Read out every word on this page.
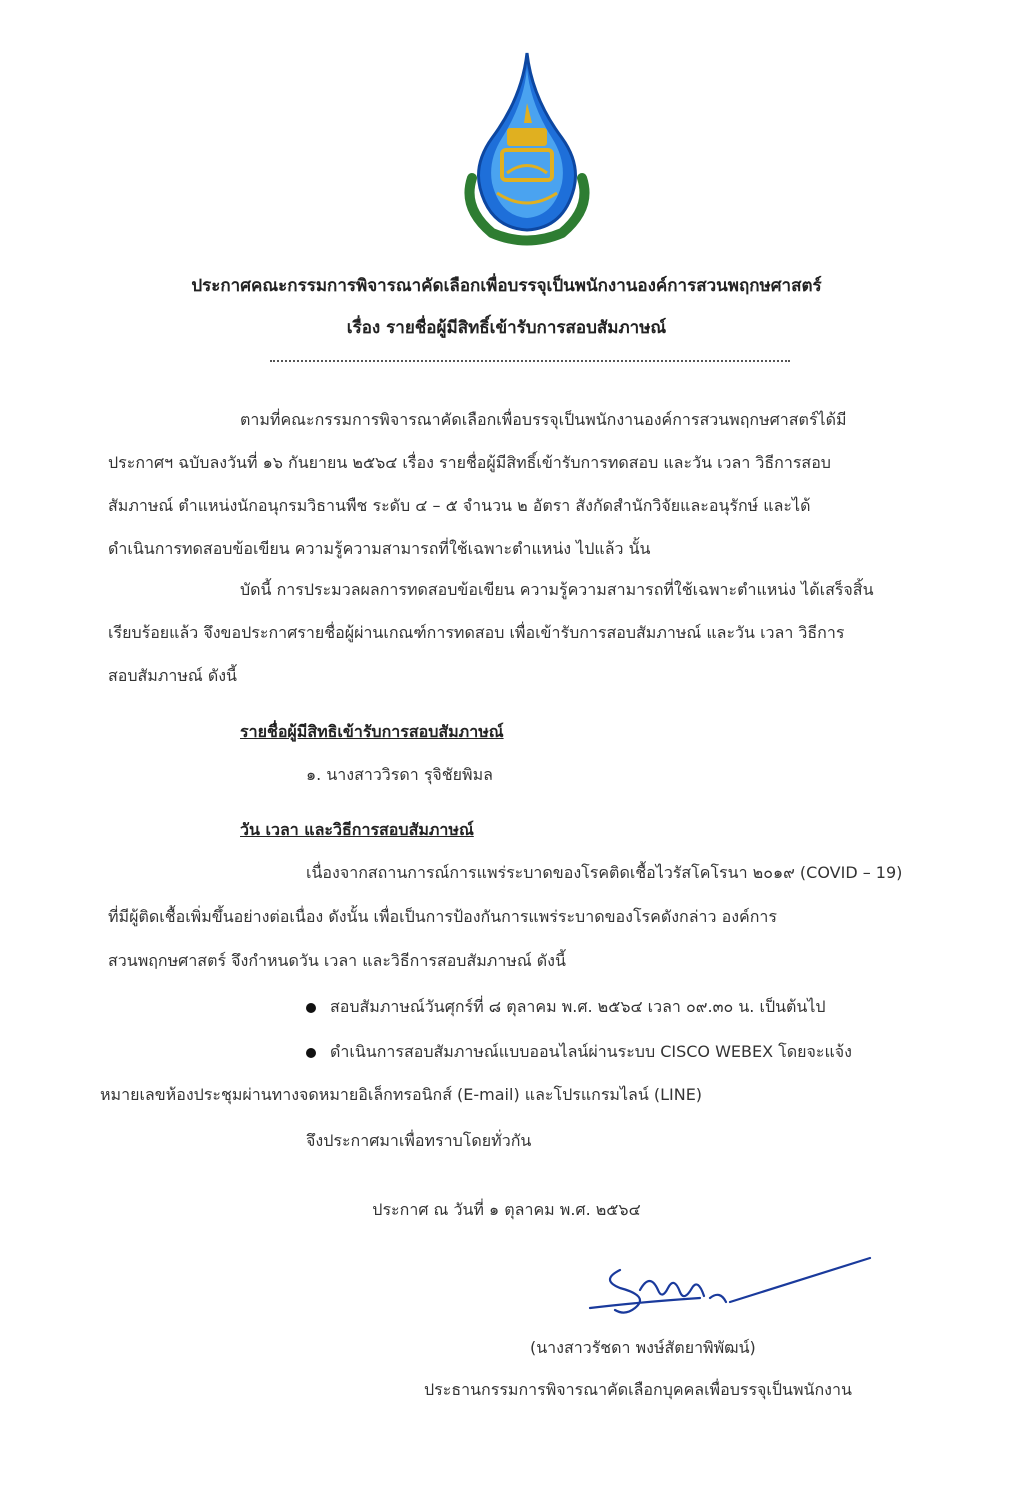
ประกาศคณะกรรมการพิจารณาคัดเลือกเพื่อบรรจุเป็นพนักงานองค์การสวนพฤกษศาสตร์
เรื่อง รายชื่อผู้มีสิทธิ์เข้ารับการสอบสัมภาษณ์
ตามที่คณะกรรมการพิจารณาคัดเลือกเพื่อบรรจุเป็นพนักงานองค์การสวนพฤกษศาสตร์ได้มี
ประกาศฯ ฉบับลงวันที่ ๑๖ กันยายน ๒๕๖๔ เรื่อง รายชื่อผู้มีสิทธิ์เข้ารับการทดสอบ และวัน เวลา วิธีการสอบ
สัมภาษณ์ ตำแหน่งนักอนุกรมวิธานพืช ระดับ ๔ – ๕ จำนวน ๒ อัตรา สังกัดสำนักวิจัยและอนุรักษ์ และได้
ดำเนินการทดสอบข้อเขียน ความรู้ความสามารถที่ใช้เฉพาะตำแหน่ง ไปแล้ว นั้น
บัดนี้ การประมวลผลการทดสอบข้อเขียน ความรู้ความสามารถที่ใช้เฉพาะตำแหน่ง ได้เสร็จสิ้น
เรียบร้อยแล้ว จึงขอประกาศรายชื่อผู้ผ่านเกณฑ์การทดสอบ เพื่อเข้ารับการสอบสัมภาษณ์ และวัน เวลา วิธีการ
สอบสัมภาษณ์ ดังนี้
รายชื่อผู้มีสิทธิเข้ารับการสอบสัมภาษณ์
๑. นางสาววิรดา รุจิชัยพิมล
วัน เวลา และวิธีการสอบสัมภาษณ์
เนื่องจากสถานการณ์การแพร่ระบาดของโรคติดเชื้อไวรัสโคโรนา ๒๐๑๙ (COVID – 19)
ที่มีผู้ติดเชื้อเพิ่มขึ้นอย่างต่อเนื่อง ดังนั้น เพื่อเป็นการป้องกันการแพร่ระบาดของโรคดังกล่าว องค์การ
สวนพฤกษศาสตร์ จึงกำหนดวัน เวลา และวิธีการสอบสัมภาษณ์ ดังนี้
สอบสัมภาษณ์วันศุกร์ที่ ๘ ตุลาคม พ.ศ. ๒๕๖๔ เวลา ๐๙.๓๐ น. เป็นต้นไป
ดำเนินการสอบสัมภาษณ์แบบออนไลน์ผ่านระบบ CISCO WEBEX โดยจะแจ้ง
หมายเลขห้องประชุมผ่านทางจดหมายอิเล็กทรอนิกส์ (E-mail) และโปรแกรมไลน์ (LINE)
จึงประกาศมาเพื่อทราบโดยทั่วกัน
ประกาศ ณ วันที่ ๑ ตุลาคม พ.ศ. ๒๕๖๔
(นางสาวรัชดา พงษ์สัตยาพิพัฒน์)
ประธานกรรมการพิจารณาคัดเลือกบุคคลเพื่อบรรจุเป็นพนักงาน
